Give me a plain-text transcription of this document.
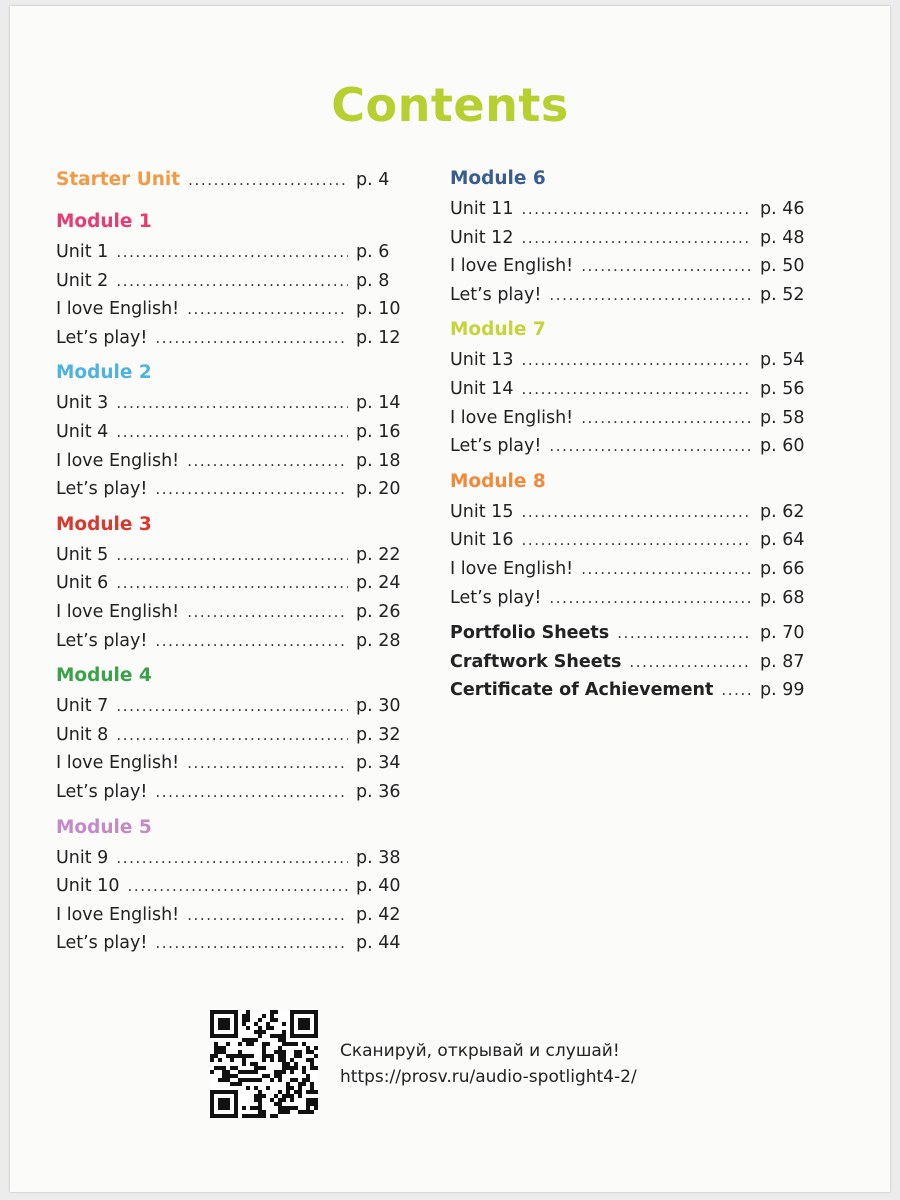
Contents
Starter Unit .....	p. 4
Module 1
Unit 1 .....	p. 6
Unit 2 .....	p. 8
I love English! .....	p. 10
Let’s play! .....	p. 12
Module 2
Unit 3 .....	p. 14
Unit 4 .....	p. 16
I love English! .....	p. 18
Let’s play! .....	p. 20
Module 3
Unit 5 .....	p. 22
Unit 6 .....	p. 24
I love English! .....	p. 26
Let’s play! .....	p. 28
Module 4
Unit 7 .....	p. 30
Unit 8 .....	p. 32
I love English! .....	p. 34
Let’s play! .....	p. 36
Module 5
Unit 9 .....	p. 38
Unit 10 .....	p. 40
I love English! .....	p. 42
Let’s play! .....	p. 44
Module 6
Unit 11 .....	p. 46
Unit 12 .....	p. 48
I love English! .....	p. 50
Let’s play! .....	p. 52
Module 7
Unit 13 .....	p. 54
Unit 14 .....	p. 56
I love English! .....	p. 58
Let’s play! .....	p. 60
Module 8
Unit 15 .....	p. 62
Unit 16 .....	p. 64
I love English! .....	p. 66
Let’s play! .....	p. 68
Portfolio Sheets .....	p. 70
Craftwork Sheets .....	p. 87
Certificate of Achievement .....	p. 99
Сканируй, открывай и слушай!
https://prosv.ru/audio-spotlight4-2/
